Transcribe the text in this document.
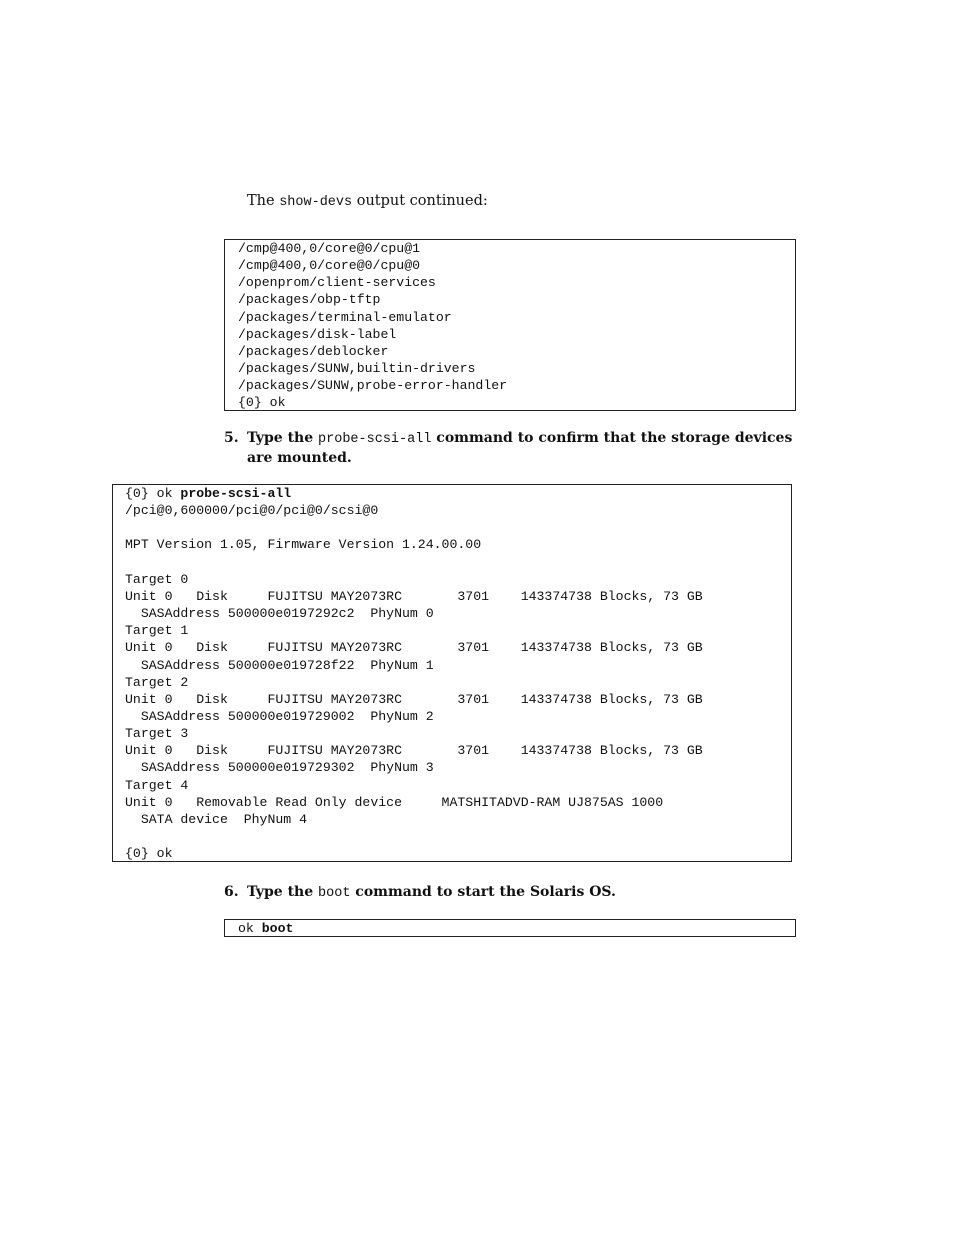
The show-devs output continued:

/cmp@400,0/core@0/cpu@1
/cmp@400,0/core@0/cpu@0
/openprom/client-services
/packages/obp-tftp
/packages/terminal-emulator
/packages/disk-label
/packages/deblocker
/packages/SUNW,builtin-drivers
/packages/SUNW,probe-error-handler
{0} ok
5. Type the probe-scsi-all command to confirm that the storage devices are mounted.
{0} ok probe-scsi-all
/pci@0,600000/pci@0/pci@0/scsi@0
MPT Version 1.05, Firmware Version 1.24.00.00
Target 0
Unit 0   Disk     FUJITSU MAY2073RC       3701    143374738 Blocks, 73 GB
SASAddress 500000e0197292c2  PhyNum 0
Target 1
Unit 0   Disk     FUJITSU MAY2073RC       3701    143374738 Blocks, 73 GB
SASAddress 500000e019728f22  PhyNum 1
Target 2
Unit 0   Disk     FUJITSU MAY2073RC       3701    143374738 Blocks, 73 GB
SASAddress 500000e019729002  PhyNum 2
Target 3
Unit 0   Disk     FUJITSU MAY2073RC       3701    143374738 Blocks, 73 GB
SASAddress 500000e019729302  PhyNum 3
Target 4
Unit 0   Removable Read Only device     MATSHITADVD-RAM UJ875AS 1000
SATA device  PhyNum 4
{0} ok
6. Type the boot command to start the Solaris OS.
ok boot
